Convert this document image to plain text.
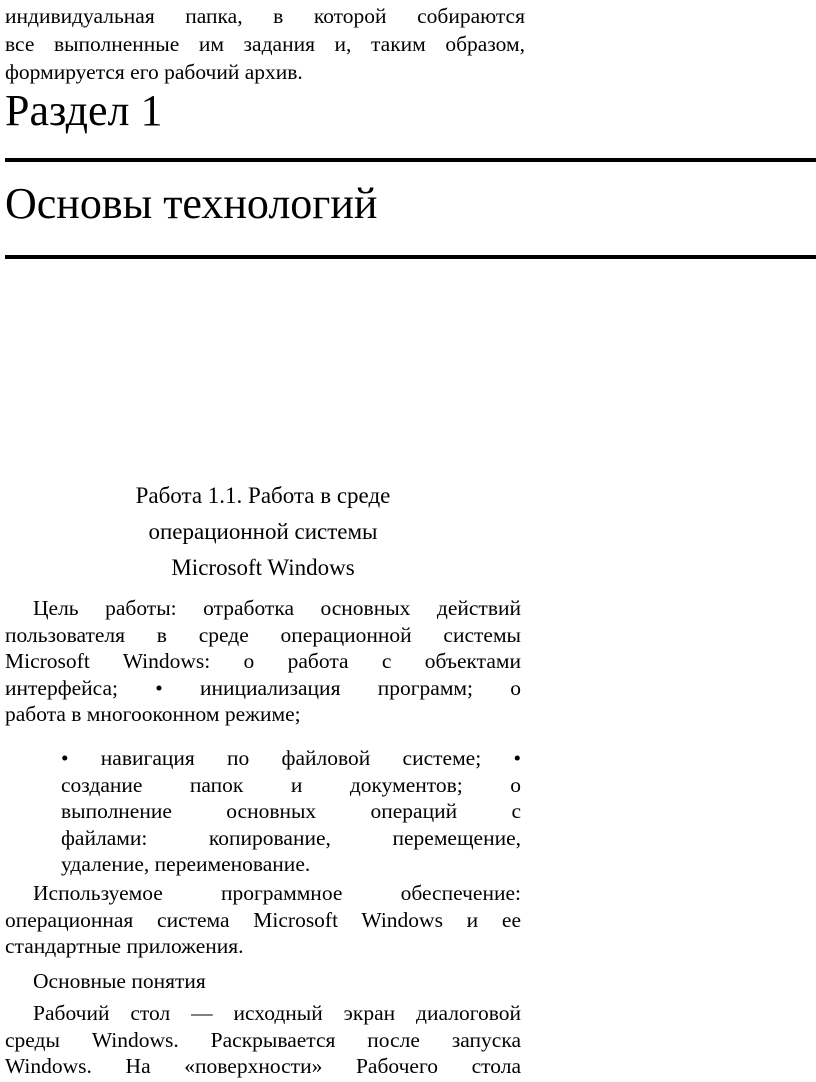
индивидуальная папка, в которой собираются
все выполненные им задания и, таким образом,
формируется его рабочий архив.
Раздел 1
Основы технологий
Работа 1.1. Работа в среде
операционной системы
Microsoft Windows
Цель работы: отработка основных действий
пользователя в среде операционной системы
Microsoft Windows: o работа с объектами
интерфейса; • инициализация программ; o
работа в многооконном режиме;
• навигация по файловой системе; •
создание папок и документов; o
выполнение основных операций с
файлами: копирование, перемещение,
удаление, переименование.
Используемое программное обеспечение:
операционная система Microsoft Windows и ее
стандартные приложения.
Основные понятия
Рабочий стол — исходный экран диалоговой
среды Windows. Раскрывается после запуска
Windows. На «поверхности» Рабочего стола
